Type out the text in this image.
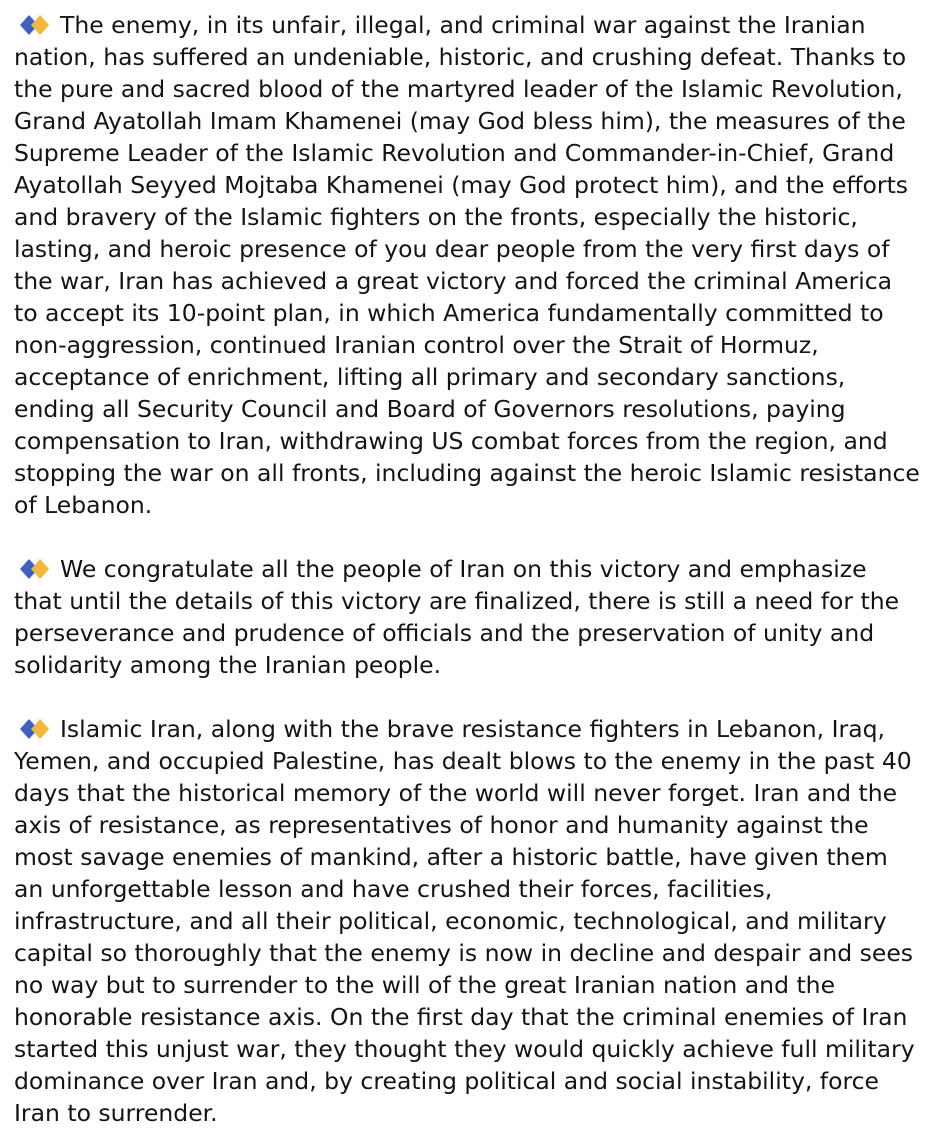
The enemy, in its unfair, illegal, and criminal war against the Iranian nation, has suffered an undeniable, historic, and crushing defeat. Thanks to the pure and sacred blood of the martyred leader of the Islamic Revolution, Grand Ayatollah Imam Khamenei (may God bless him), the measures of the Supreme Leader of the Islamic Revolution and Commander-in-Chief, Grand Ayatollah Seyyed Mojtaba Khamenei (may God protect him), and the efforts and bravery of the Islamic fighters on the fronts, especially the historic, lasting, and heroic presence of you dear people from the very first days of the war, Iran has achieved a great victory and forced the criminal America to accept its 10-point plan, in which America fundamentally committed to non-aggression, continued Iranian control over the Strait of Hormuz, acceptance of enrichment, lifting all primary and secondary sanctions, ending all Security Council and Board of Governors resolutions, paying compensation to Iran, withdrawing US combat forces from the region, and stopping the war on all fronts, including against the heroic Islamic resistance of Lebanon.

We congratulate all the people of Iran on this victory and emphasize that until the details of this victory are finalized, there is still a need for the perseverance and prudence of officials and the preservation of unity and solidarity among the Iranian people.

Islamic Iran, along with the brave resistance fighters in Lebanon, Iraq, Yemen, and occupied Palestine, has dealt blows to the enemy in the past 40 days that the historical memory of the world will never forget. Iran and the axis of resistance, as representatives of honor and humanity against the most savage enemies of mankind, after a historic battle, have given them an unforgettable lesson and have crushed their forces, facilities, infrastructure, and all their political, economic, technological, and military capital so thoroughly that the enemy is now in decline and despair and sees no way but to surrender to the will of the great Iranian nation and the honorable resistance axis. On the first day that the criminal enemies of Iran started this unjust war, they thought they would quickly achieve full military dominance over Iran and, by creating political and social instability, force Iran to surrender.
